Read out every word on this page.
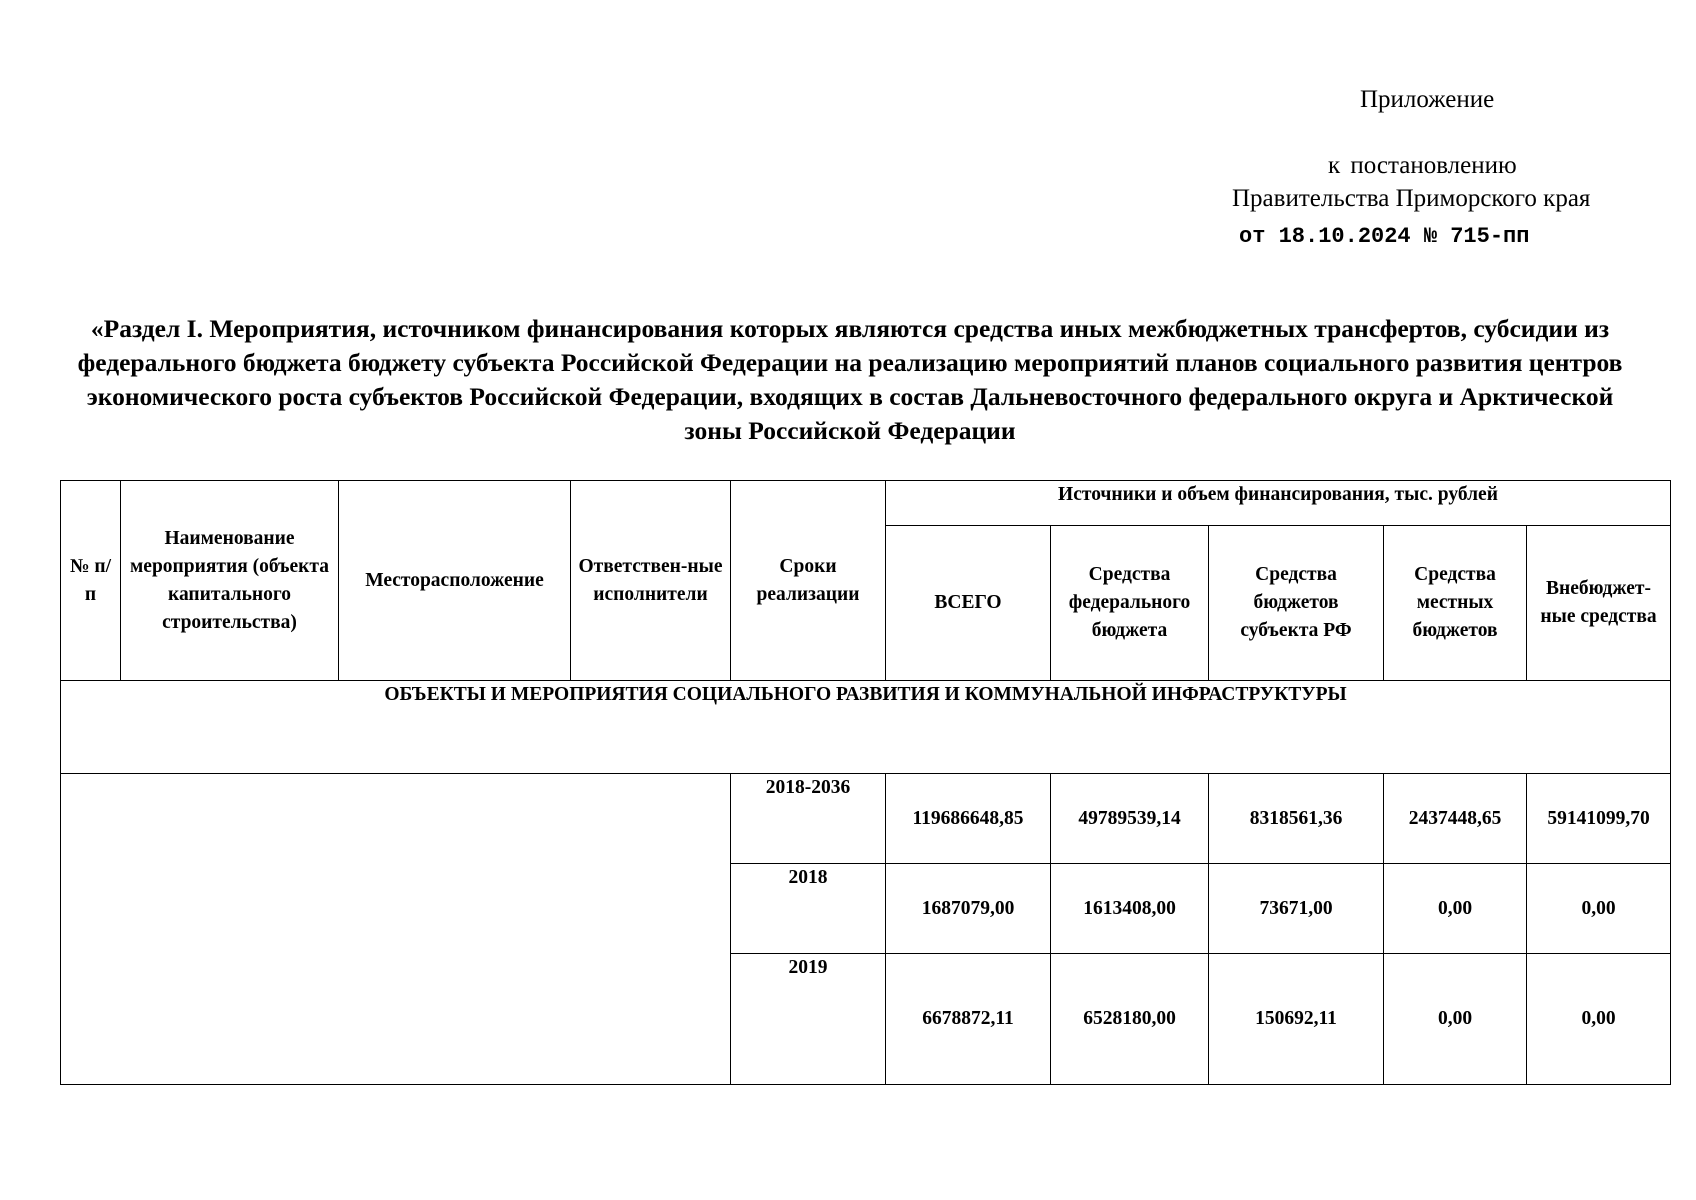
Приложение
к постановлению
Правительства Приморского края
от 18.10.2024 № 715-пп
«Раздел I. Мероприятия, источником финансирования которых являются средства иных межбюджетных трансфертов, субсидии из федерального бюджета бюджету субъекта Российской Федерации на реализацию мероприятий планов социального развития центров экономического роста субъектов Российской Федерации, входящих в состав Дальневосточного федерального округа и Арктической зоны Российской Федерации
№ п/п	Наименование мероприятия (объекта капитального строительства)	Месторасположение	Ответствен-ные исполнители	Сроки реализации	Источники и объем финансирования, тыс. рублей				
					ВСЕГО	Средства федерального бюджета	Средства бюджетов субъекта РФ	Средства местных бюджетов	Внебюджет-ные средства
ОБЪЕКТЫ И МЕРОПРИЯТИЯ СОЦИАЛЬНОГО РАЗВИТИЯ И КОММУНАЛЬНОЙ ИНФРАСТРУКТУРЫ									
				2018-2036	119686648,85	49789539,14	8318561,36	2437448,65	59141099,70
				2018	1687079,00	1613408,00	73671,00	0,00	0,00
				2019	6678872,11	6528180,00	150692,11	0,00	0,00
